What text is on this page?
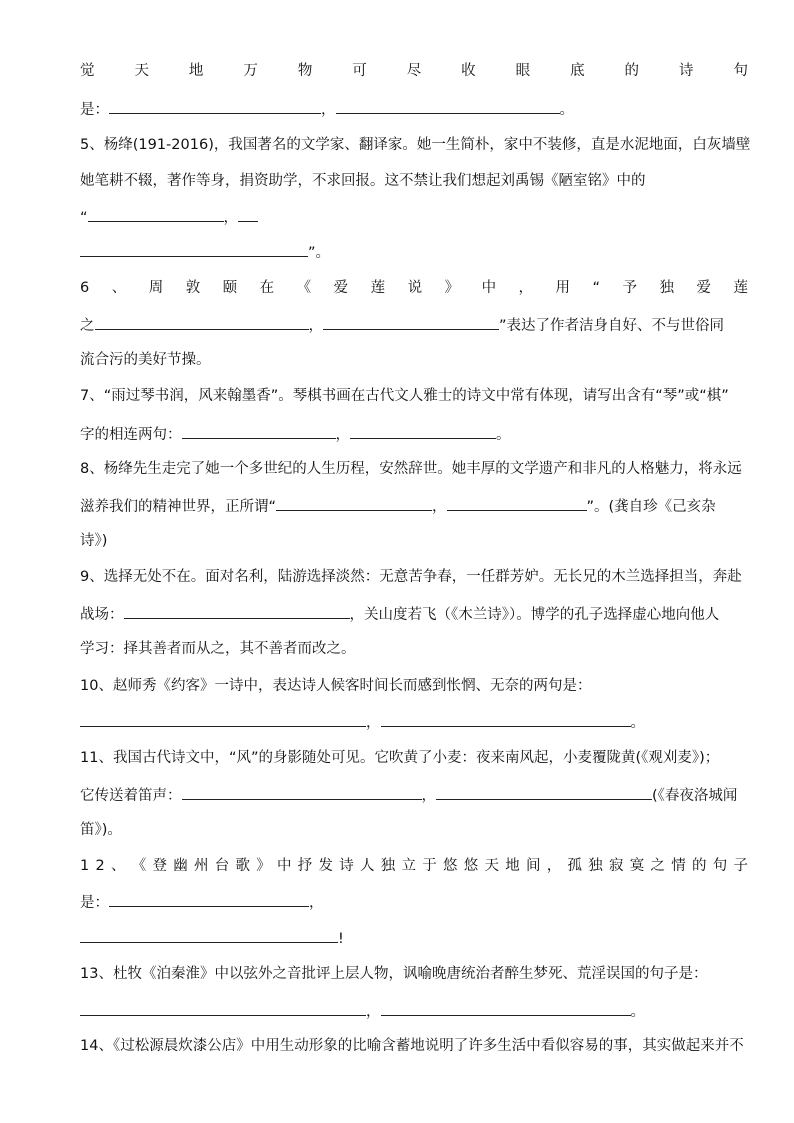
觉	天	地	万	物	可	尽	收	眼	底	的	诗	句
是：	，	。
5、杨绛(191-2016)，我国著名的文学家、翻译家。她一生简朴，家中不装修，直是水泥地面，白灰墙壁
她笔耕不辍，著作等身，捐资助学，不求回报。这不禁让我们想起刘禹锡《陋室铭》中的
“	，
”。
6 、 周 敦 颐 在 《 爱 莲 说 》 中 ， 用 “ 予 独 爱 莲
之	，	”表达了作者洁身自好、不与世俗同
流合污的美好节操。
7、“雨过琴书润，风来翰墨香”。琴棋书画在古代文人雅士的诗文中常有体现，请写出含有“琴”或“棋”
字的相连两句：	，	。
8、杨绛先生走完了她一个多世纪的人生历程，安然辞世。她丰厚的文学遗产和非凡的人格魅力，将永远
滋养我们的精神世界，正所谓“	，	”。(龚自珍《己亥杂
诗》)
9、选择无处不在。面对名利，陆游选择淡然：无意苦争春，一任群芳妒。无长兄的木兰选择担当，奔赴
战场：	，关山度若飞（《木兰诗》）。博学的孔子选择虚心地向他人
学习：择其善者而从之，其不善者而改之。
10、赵师秀《约客》一诗中，表达诗人候客时间长而感到怅惘、无奈的两句是：
，	。
11、我国古代诗文中，“风”的身影随处可见。它吹黄了小麦：夜来南风起，小麦覆陇黄(《观刈麦》)；
它传送着笛声：	，	(《春夜洛城闻
笛》)。
1 2 、 《 登 幽 州 台 歌 》 中 抒 发 诗 人 独 立 于 悠 悠 天 地 间 ， 孤 独 寂 寞 之 情 的 句 子
是：	，
!
13、杜牧《泊秦淮》中以弦外之音批评上层人物，讽喻晚唐统治者醉生梦死、荒淫误国的句子是：
，	。
14、《过松源晨炊漆公店》中用生动形象的比喻含蓄地说明了许多生活中看似容易的事，其实做起来并不
